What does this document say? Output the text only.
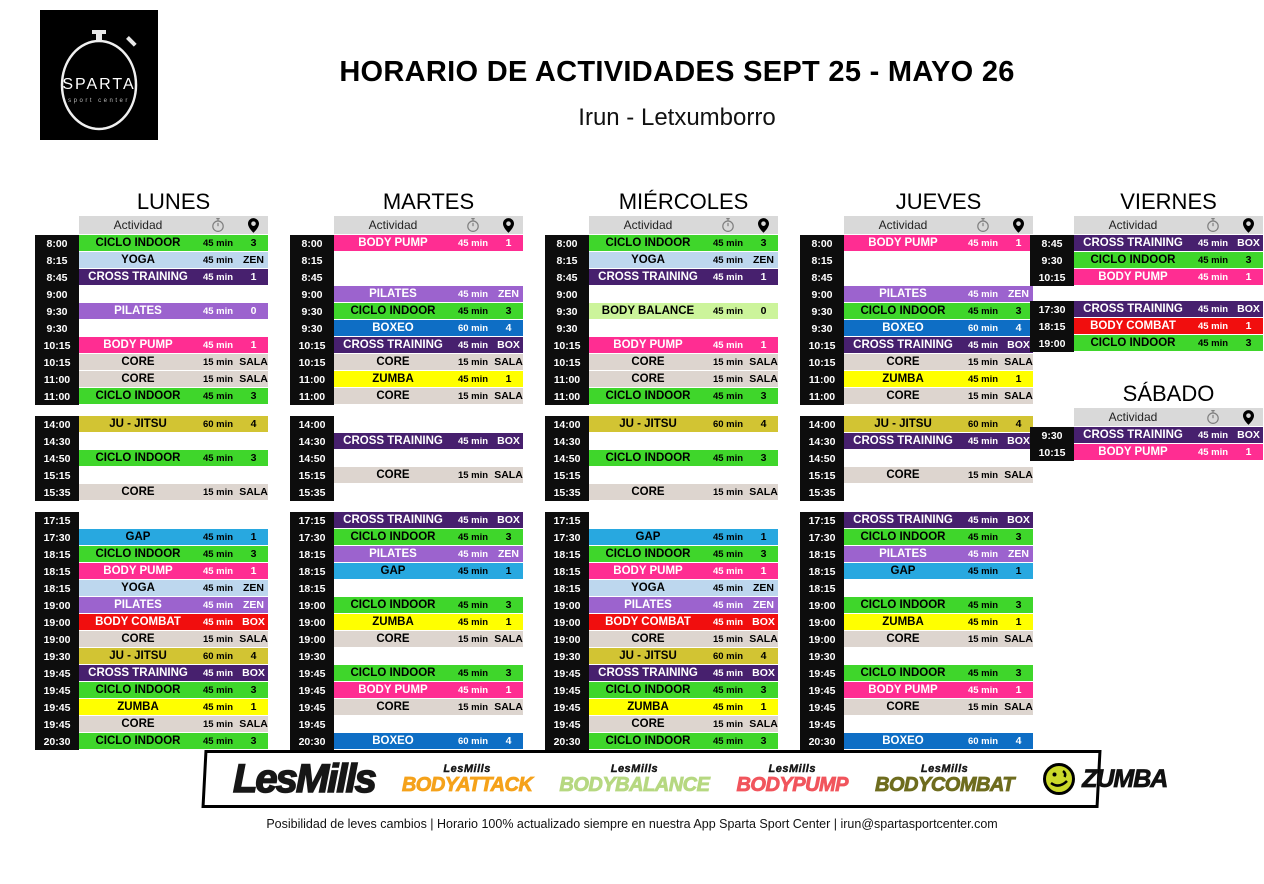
SPARTA
sport center
HORARIO DE ACTIVIDADES SEPT 25 - MAYO 26
Irun - Letxumborro
LUNES
Actividad
8:00	CICLO INDOOR	45 min	3
8:15	YOGA	45 min ZEN
8:45	CROSS TRAINING	45 min	1
9:00
9:30	PILATES	45 min	0
9:30
10:15	BODY PUMP	45 min	1
10:15	CORE	15 min SALA
11:00	CORE	15 min SALA
11:00	CICLO INDOOR	45 min	3
14:00	JU - JITSU	60 min	4
14:30
14:50	CICLO INDOOR	45 min	3
15:15
15:35	CORE	15 min SALA
17:15
17:30	GAP	45 min	1
18:15	CICLO INDOOR	45 min	3
18:15	BODY PUMP	45 min	1
18:15	YOGA	45 min ZEN
19:00	PILATES	45 min ZEN
19:00	BODY COMBAT	45 min BOX
19:00	CORE	15 min SALA
19:30	JU - JITSU	60 min	4
19:45	CROSS TRAINING	45 min BOX
19:45	CICLO INDOOR	45 min	3
19:45	ZUMBA	45 min	1
19:45	CORE	15 min SALA
20:30	CICLO INDOOR	45 min	3
MARTES
Actividad
8:00	BODY PUMP	45 min	1
8:15
8:45
9:00	PILATES	45 min ZEN
9:30	CICLO INDOOR	45 min	3
9:30	BOXEO	60 min	4
10:15	CROSS TRAINING	45 min BOX
10:15	CORE	15 min SALA
11:00	ZUMBA	45 min	1
11:00	CORE	15 min SALA
14:00
14:30	CROSS TRAINING	45 min BOX
14:50
15:15	CORE	15 min SALA
15:35
17:15	CROSS TRAINING	45 min BOX
17:30	CICLO INDOOR	45 min	3
18:15	PILATES	45 min ZEN
18:15	GAP	45 min	1
18:15
19:00	CICLO INDOOR	45 min	3
19:00	ZUMBA	45 min	1
19:00	CORE	15 min SALA
19:30
19:45	CICLO INDOOR	45 min	3
19:45	BODY PUMP	45 min	1
19:45	CORE	15 min SALA
19:45
20:30	BOXEO	60 min	4
MIÉRCOLES
Actividad
8:00	CICLO INDOOR	45 min	3
8:15	YOGA	45 min ZEN
8:45	CROSS TRAINING	45 min	1
9:00
9:30	BODY BALANCE	45 min	0
9:30
10:15	BODY PUMP	45 min	1
10:15	CORE	15 min SALA
11:00	CORE	15 min SALA
11:00	CICLO INDOOR	45 min	3
14:00	JU - JITSU	60 min	4
14:30
14:50	CICLO INDOOR	45 min	3
15:15
15:35	CORE	15 min SALA
17:15
17:30	GAP	45 min	1
18:15	CICLO INDOOR	45 min	3
18:15	BODY PUMP	45 min	1
18:15	YOGA	45 min ZEN
19:00	PILATES	45 min ZEN
19:00	BODY COMBAT	45 min BOX
19:00	CORE	15 min SALA
19:30	JU - JITSU	60 min	4
19:45	CROSS TRAINING	45 min BOX
19:45	CICLO INDOOR	45 min	3
19:45	ZUMBA	45 min	1
19:45	CORE	15 min SALA
20:30	CICLO INDOOR	45 min	3
JUEVES
Actividad
8:00	BODY PUMP	45 min	1
8:15
8:45
9:00	PILATES	45 min ZEN
9:30	CICLO INDOOR	45 min	3
9:30	BOXEO	60 min	4
10:15	CROSS TRAINING	45 min BOX
10:15	CORE	15 min SALA
11:00	ZUMBA	45 min	1
11:00	CORE	15 min SALA
14:00	JU - JITSU	60 min	4
14:30	CROSS TRAINING	45 min BOX
14:50
15:15	CORE	15 min SALA
15:35
17:15	CROSS TRAINING	45 min BOX
17:30	CICLO INDOOR	45 min	3
18:15	PILATES	45 min ZEN
18:15	GAP	45 min	1
18:15
19:00	CICLO INDOOR	45 min	3
19:00	ZUMBA	45 min	1
19:00	CORE	15 min SALA
19:30
19:45	CICLO INDOOR	45 min	3
19:45	BODY PUMP	45 min	1
19:45	CORE	15 min SALA
19:45
20:30	BOXEO	60 min	4
VIERNES
Actividad
8:45	CROSS TRAINING	45 min BOX
9:30	CICLO INDOOR	45 min	3
10:15	BODY PUMP	45 min	1
17:30	CROSS TRAINING	45 min BOX
18:15	BODY COMBAT	45 min	1
19:00	CICLO INDOOR	45 min	3
SÁBADO
Actividad
9:30	CROSS TRAINING	45 min BOX
10:15	BODY PUMP	45 min	1
LesMills	LesMills
BODYATTACK
LesMills
BODYBALANCE
LesMills
BODYPUMP
LesMills
BODYCOMBAT	ZUMBA
Posibilidad de leves cambios | Horario 100% actualizado siempre en nuestra App Sparta Sport Center | irun@spartasportcenter.com
